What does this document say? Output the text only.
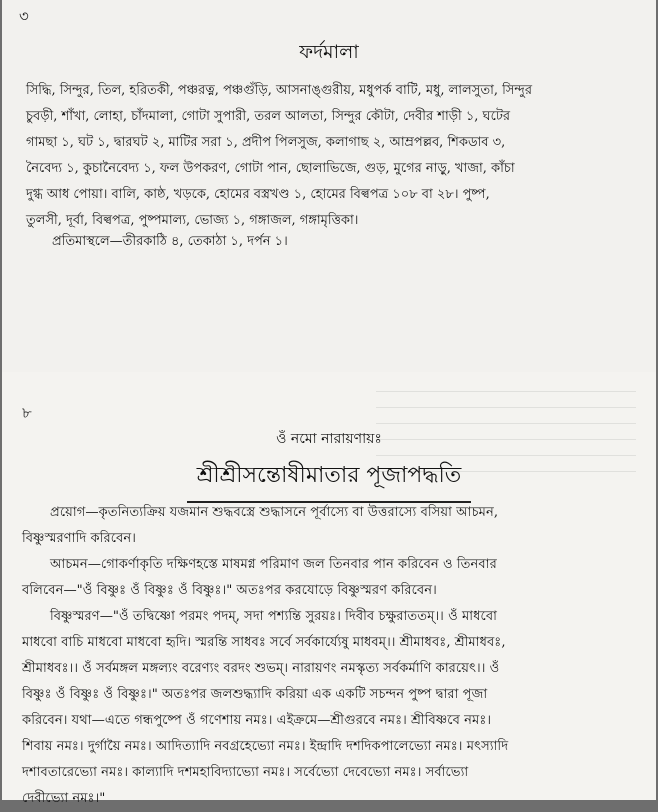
৩
ফর্দমালা
সিদ্ধি, সিন্দুর, তিল, হরিতকী, পঞ্চরত্ন, পঞ্চগুঁড়ি, আসনাঙ্গুরীয়, মধুপর্ক বাটি, মধু, লালসুতা, সিন্দুর
চুবড়ী, শাঁখা, লোহা, চাঁদমালা, গোটা সুপারী, তরল আলতা, সিন্দুর কৌটা, দেবীর শাড়ী ১, ঘটের
গামছা ১, ঘট ১, দ্বারঘট ২, মাটির সরা ১, প্রদীপ পিলসুজ, কলাগাছ ২, আম্রপল্লব, শিকডাব ৩,
নৈবেদ্য ১, কুচানৈবেদ্য ১, ফল উপকরণ, গোটা পান, ছোলাভিজে, গুড়, মুগের নাড়ু, খাজা, কাঁচা
দুগ্ধ আধ পোয়া। বালি, কাষ্ঠ, খড়কে, হোমের বস্ত্রখণ্ড ১, হোমের বিল্বপত্র ১০৮ বা ২৮। পুষ্প,
তুলসী, দূর্বা, বিল্বপত্র, পুষ্পমাল্য, ভোজ্য ১, গঙ্গাজল, গঙ্গামৃত্তিকা।
প্রতিমাস্থলে—তীরকাঠি ৪, তেকাঠা ১, দর্পন ১।
৮
ওঁ নমো নারায়ণায়ঃ
শ্রীশ্রীসন্তোষীমাতার পূজাপদ্ধতি
প্রয়োগ—কৃতনিত্যক্রিয় যজমান শুদ্ধবস্ত্রে শুদ্ধাসনে পূর্বাস্যে বা উত্তরাস্যে বসিয়া আচমন,
বিষ্ণুস্মরণাদি করিবেন।
আচমন—গোকর্ণাকৃতি দক্ষিণহস্তে মাষমগ্ন পরিমাণ জল তিনবার পান করিবেন ও তিনবার
বলিবেন—"ওঁ বিষ্ণুঃ ওঁ বিষ্ণুঃ ওঁ বিষ্ণুঃ।" অতঃপর করযোড়ে বিষ্ণুস্মরণ করিবেন।
বিষ্ণুস্মরণ—"ওঁ তদ্বিষ্ণো পরমং পদম্, সদা পশ্যন্তি সুরয়ঃ। দিবীব চক্ষুরাততম্।। ওঁ মাধবো
মাধবো বাচি মাধবো মাধবো হৃদি। স্মরন্তি সাধবঃ সর্বে সর্বকার্য্যেষু মাধবম্।। শ্রীমাধবঃ, শ্রীমাধবঃ,
শ্রীমাধবঃ।। ওঁ সর্বমঙ্গল মঙ্গল্যং বরেণ্যং বরদং শুভম্। নারায়ণং নমস্কৃত্য সর্বকর্মাণি কারয়েৎ।। ওঁ
বিষ্ণুঃ ওঁ বিষ্ণুঃ ওঁ বিষ্ণুঃ।" অতঃপর জলশুদ্ধ্যাদি করিয়া এক একটি সচন্দন পুষ্প দ্বারা পূজা
করিবেন। যথা—এতে গন্ধপুষ্পে ওঁ গণেশায় নমঃ। এইক্রমে—শ্রীগুরবে নমঃ। শ্রীবিষ্ণবে নমঃ।
শিবায় নমঃ। দুর্গায়ৈ নমঃ। আদিত্যাদি নবগ্রহেভ্যো নমঃ। ইন্দ্রাদি দশদিকপালেভ্যো নমঃ। মৎস্যাদি
দশাবতারেভ্যো নমঃ। কাল্যাদি দশমহাবিদ্যাভ্যো নমঃ। সর্বেভ্যো দেবেভ্যো নমঃ। সর্বাভ্যো
দেবীভ্যো নমঃ।"
